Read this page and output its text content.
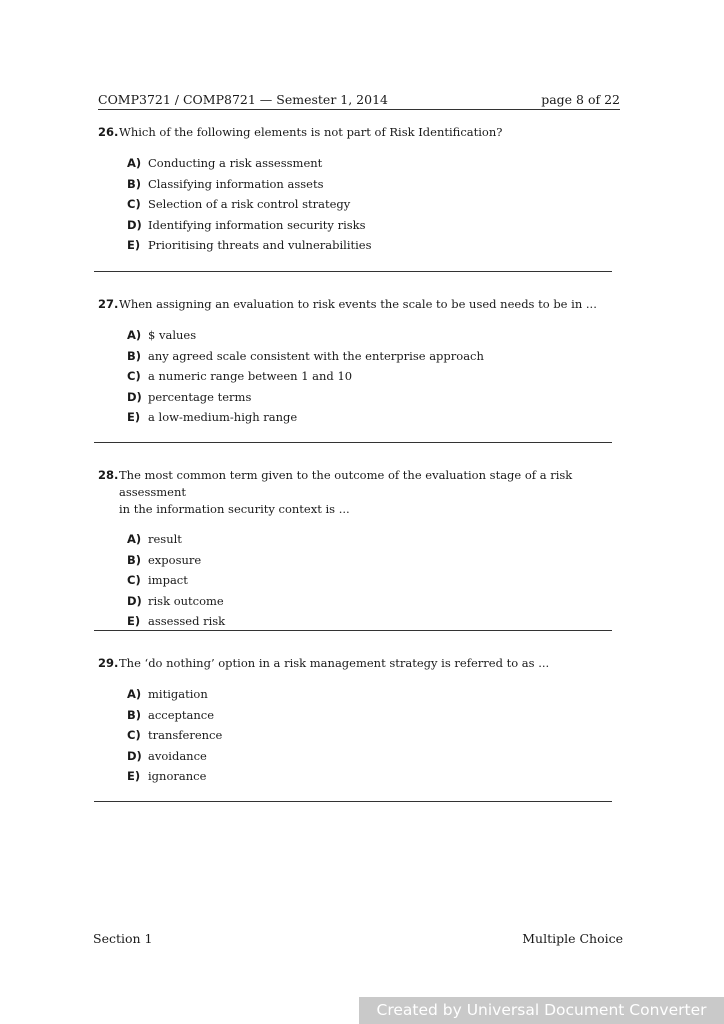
COMP3721 / COMP8721 — Semester 1, 2014	page 8 of 22
26. Which of the following elements is not part of Risk Identification?
A) Conducting a risk assessment
B) Classifying information assets
C) Selection of a risk control strategy
D) Identifying information security risks
E) Prioritising threats and vulnerabilities
27. When assigning an evaluation to risk events the scale to be used needs to be in ...
A) $ values
B) any agreed scale consistent with the enterprise approach
C) a numeric range between 1 and 10
D) percentage terms
E) a low-medium-high range
28. The most common term given to the outcome of the evaluation stage of a risk assessment
in the information security context is ...
A) result
B) exposure
C) impact
D) risk outcome
E) assessed risk
29. The ‘do nothing’ option in a risk management strategy is referred to as ...
A) mitigation
B) acceptance
C) transference
D) avoidance
E) ignorance
Section 1	Multiple Choice
Created by Universal Document Converter
